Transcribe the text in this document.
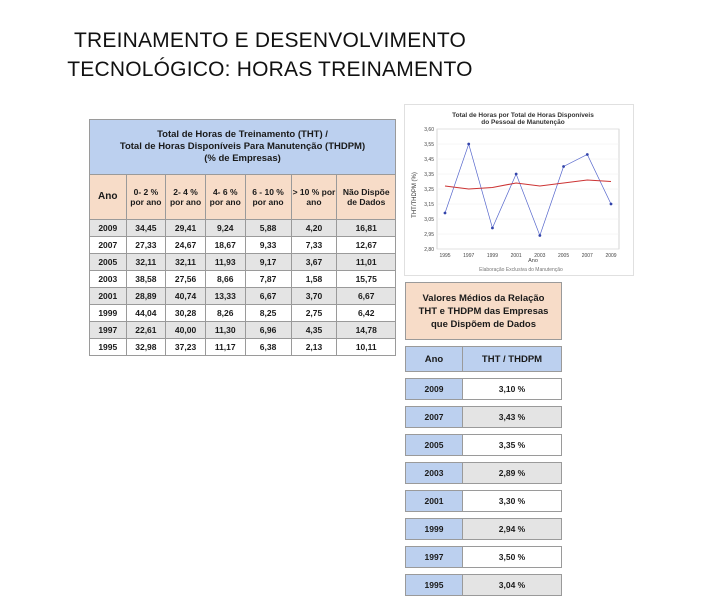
TREINAMENTO E DESENVOLVIMENTO
TECNOLÓGICO: HORAS TREINAMENTO
Total de Horas de Treinamento (THT) /
Total de Horas Disponíveis Para Manutenção (THDPM)
(% de Empresas)						

Ano	0- 2 % por ano	2- 4 % por ano	4- 6 % por ano	6 - 10 % por ano	> 10 % por ano	Não Dispõe de Dados
2009	34,45	29,41	9,24	5,88	4,20	16,81
2007	27,33	24,67	18,67	9,33	7,33	12,67
2005	32,11	32,11	11,93	9,17	3,67	11,01
2003	38,58	27,56	8,66	7,87	1,58	15,75
2001	28,89	40,74	13,33	6,67	3,70	6,67
1999	44,04	30,28	8,26	8,25	2,75	6,42
1997	22,61	40,00	11,30	6,96	4,35	14,78
1995	32,98	37,23	11,17	6,38	2,13	10,11
Total de Horas por Total de Horas Disponíveis do Pessoal de Manutenção
THT/THDPM (%)
Ano
Elaboração Exclusiva do Manutenção
2,80
2,95
3,05
3,15
3,25
3,35
3,45
3,55
3,60
1995	1997	1999	2001	2003	2005	2007	2009
Valores Médios da Relação
THT e THDPM das Empresas
que Dispõem de Dados	

Ano	THT / THDPM

2009	3,10 %

2007	3,43 %

2005	3,35 %

2003	2,89 %

2001	3,30 %

1999	2,94 %

1997	3,50 %

1995	3,04 %
